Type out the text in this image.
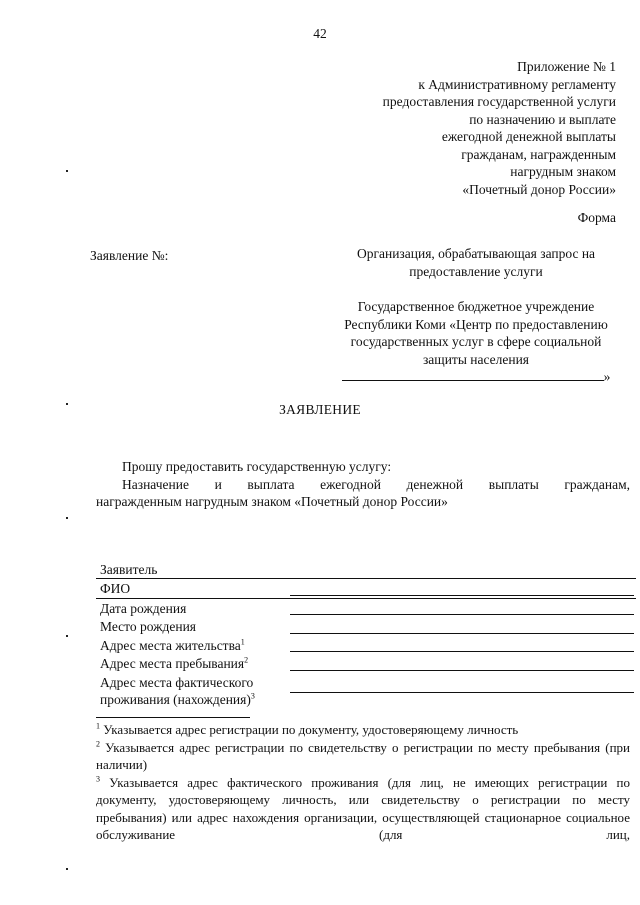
42
Приложение № 1
к Административному регламенту
предоставления государственной услуги
по назначению и выплате
ежегодной денежной выплаты
гражданам, награжденным
нагрудным знаком
«Почетный донор России»
Форма
Заявление №:	Организация, обрабатывающая запрос на

предоставление услуги

Государственное бюджетное учреждение

Республики Коми «Центр по предоставлению

государственных услуг в сфере социальной

защиты населения

»

ЗАЯВЛЕНИЕ
Прошу предоставить государственную услугу:
Назначение и выплата ежегодной денежной выплаты гражданам,
награжденным нагрудным знаком «Почетный донор России»
Заявитель
ФИО
Дата рождения
Место рождения
Адрес места жительства$^1$
Адрес места пребывания$^2$
Адрес места фактического
проживания (нахождения)$^3$

$^1$ Указывается адрес регистрации по документу, удостоверяющему личность

$^2$ Указывается адрес регистрации по свидетельству о регистрации по месту пребывания (при наличии)

$^3$ Указывается адрес фактического проживания (для лиц, не имеющих регистрации по документу, удостоверяющему личность, или свидетельству о регистрации по месту пребывания) или адрес нахождения организации, осуществляющей стационарное социальное обслуживание (для лиц,
